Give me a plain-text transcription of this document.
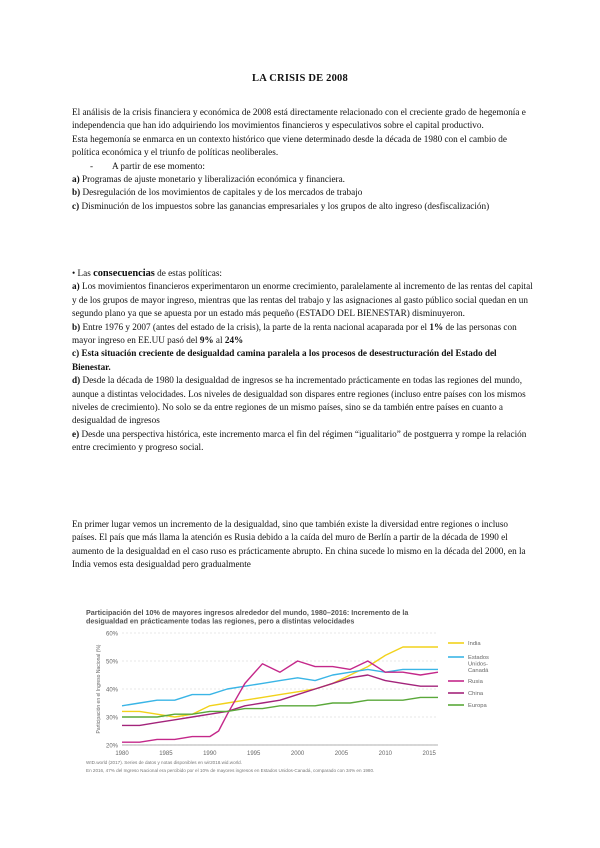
LA CRISIS DE 2008

El análisis de la crisis financiera y económica de 2008 está directamente relacionado con el creciente grado de hegemonía e independencia que han ido adquiriendo los movimientos financieros y especulativos sobre el capital productivo.

Esta hegemonía se enmarca en un contexto histórico que viene determinado desde la década de 1980 con el cambio de política económica y el triunfo de políticas neoliberales.

- A partir de ese momento:

a) Programas de ajuste monetario y liberalización económica y financiera.

b) Desregulación de los movimientos de capitales y de los mercados de trabajo

c) Disminución de los impuestos sobre las ganancias empresariales y los grupos de alto ingreso (desfiscalización)

• Las consecuencias de estas políticas:

a) Los movimientos financieros experimentaron un enorme crecimiento, paralelamente al incremento de las rentas del capital y de los grupos de mayor ingreso, mientras que las rentas del trabajo y las asignaciones al gasto público social quedan en un segundo plano ya que se apuesta por un estado más pequeño (ESTADO DEL BIENESTAR) disminuyeron.

b) Entre 1976 y 2007 (antes del estado de la crisis), la parte de la renta nacional acaparada por el 1% de las personas con mayor ingreso en EE.UU pasó del 9% al 24%

c) Esta situación creciente de desigualdad camina paralela a los procesos de desestructuración del Estado del Bienestar.

d) Desde la década de 1980 la desigualdad de ingresos se ha incrementado prácticamente en todas las regiones del mundo, aunque a distintas velocidades. Los niveles de desigualdad son dispares entre regiones (incluso entre países con los mismos niveles de crecimiento). No solo se da entre regiones de un mismo países, sino se da también entre países en cuanto a desigualdad de ingresos

e) Desde una perspectiva histórica, este incremento marca el fin del régimen “igualitario” de postguerra y rompe la relación entre crecimiento y progreso social.

En primer lugar vemos un incremento de la desigualdad, sino que también existe la diversidad entre regiones o incluso países. El país que más llama la atención es Rusia debido a la caída del muro de Berlín a partir de la década de 1990 el aumento de la desigualdad en el caso ruso es prácticamente abrupto. En china sucede lo mismo en la década del 2000, en la India vemos esta desigualdad pero gradualmente

Participación del 10% de mayores ingresos alrededor del mundo, 1980–2016: Incremento de la desigualdad en prácticamente todas las regiones, pero a distintas velocidades
20%
30%
40%
50%
60%
1980	1985	1990	1995	2000	2005	2010	2015
Participación en el Ingreso Nacional (%)
India
Estados Unidos-Canadá
Rusia
China
Europa
WID.world (2017). Series de datos y notas disponibles en wir2018.wid.world.
En 2016, 47% del Ingreso Nacional era percibido por el 10% de mayores ingresos en Estados Unidos-Canadá, comparado con 34% en 1980.
